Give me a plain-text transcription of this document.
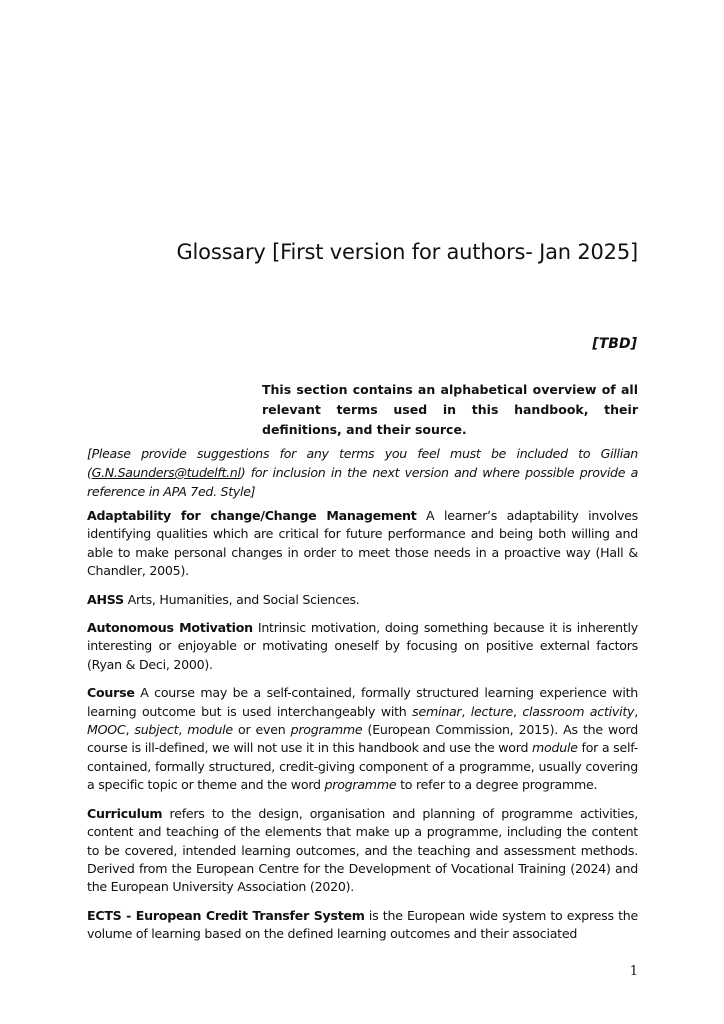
Glossary [First version for authors- Jan 2025]
[TBD]

This section contains an alphabetical overview of all relevant terms used in this handbook, their definitions, and their source.

[Please provide suggestions for any terms you feel must be included to Gillian (G.N.Saunders@tudelft.nl) for inclusion in the next version and where possible provide a reference in APA 7ed. Style]

Adaptability for change/Change Management A learner’s adaptability involves identifying qualities which are critical for future performance and being both willing and able to make personal changes in order to meet those needs in a proactive way (Hall & Chandler, 2005).

AHSS Arts, Humanities, and Social Sciences.

Autonomous Motivation Intrinsic motivation, doing something because it is inherently interesting or enjoyable or motivating oneself by focusing on positive external factors (Ryan & Deci, 2000).

Course A course may be a self-contained, formally structured learning experience with learning outcome but is used interchangeably with seminar, lecture, classroom activity, MOOC, subject, module or even programme (European Commission, 2015). As the word course is ill-defined, we will not use it in this handbook and use the word module for a self-contained, formally structured, credit-giving component of a programme, usually covering a specific topic or theme and the word programme to refer to a degree programme.

Curriculum refers to the design, organisation and planning of programme activities, content and teaching of the elements that make up a programme, including the content to be covered, intended learning outcomes, and the teaching and assessment methods. Derived from the European Centre for the Development of Vocational Training (2024) and the European University Association (2020).

ECTS - European Credit Transfer System is the European wide system to express the volume of learning based on the defined learning outcomes and their associated

1
